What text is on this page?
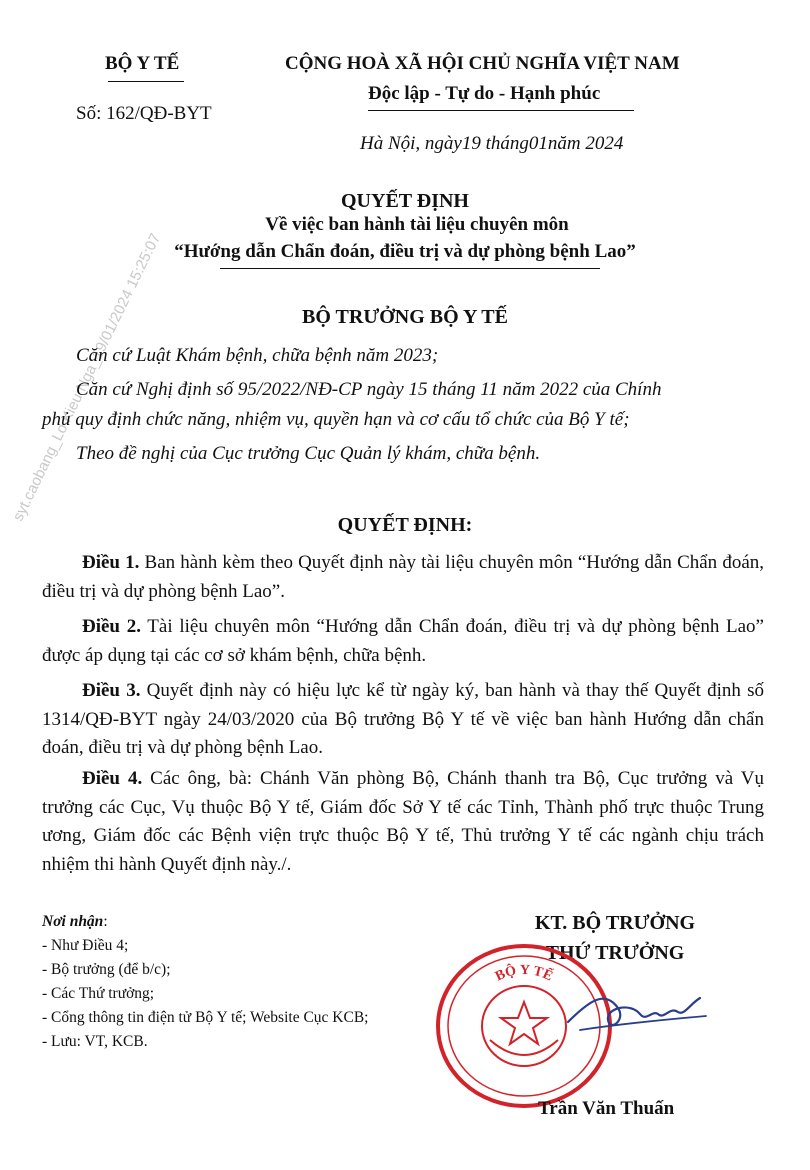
syt.caobang_Lo Kieu Nga_19/01/2024 15:25:07
BỘ Y TẾ
Số: 162/QĐ-BYT
CỘNG HOÀ XÃ HỘI CHỦ NGHĨA VIỆT NAM
Độc lập - Tự do - Hạnh phúc
Hà Nội, ngày19 tháng01năm 2024
QUYẾT ĐỊNH
Về việc ban hành tài liệu chuyên môn
“Hướng dẫn Chẩn đoán, điều trị và dự phòng bệnh Lao”
BỘ TRƯỞNG BỘ Y TẾ
Căn cứ Luật Khám bệnh, chữa bệnh năm 2023;
Căn cứ Nghị định số 95/2022/NĐ-CP ngày 15 tháng 11 năm 2022 của Chính
phủ quy định chức năng, nhiệm vụ, quyền hạn và cơ cấu tổ chức của Bộ Y tế;
Theo đề nghị của Cục trưởng Cục Quản lý khám, chữa bệnh.
QUYẾT ĐỊNH:
Điều 1. Ban hành kèm theo Quyết định này tài liệu chuyên môn “Hướng dẫn Chẩn đoán, điều trị và dự phòng bệnh Lao”.
Điều 2. Tài liệu chuyên môn “Hướng dẫn Chẩn đoán, điều trị và dự phòng bệnh Lao” được áp dụng tại các cơ sở khám bệnh, chữa bệnh.
Điều 3. Quyết định này có hiệu lực kể từ ngày ký, ban hành và thay thế Quyết định số 1314/QĐ-BYT ngày 24/03/2020 của Bộ trưởng Bộ Y tế về việc ban hành Hướng dẫn chẩn đoán, điều trị và dự phòng bệnh Lao.
Điều 4. Các ông, bà: Chánh Văn phòng Bộ, Chánh thanh tra Bộ, Cục trưởng và Vụ trưởng các Cục, Vụ thuộc Bộ Y tế, Giám đốc Sở Y tế các Tỉnh, Thành phố trực thuộc Trung ương, Giám đốc các Bệnh viện trực thuộc Bộ Y tế, Thủ trưởng Y tế các ngành chịu trách nhiệm thi hành Quyết định này./.
Nơi nhận:
- Như Điều 4;
- Bộ trưởng (để b/c);
- Các Thứ trưởng;
- Cổng thông tin điện tử Bộ Y tế; Website Cục KCB;
- Lưu: VT, KCB.
KT. BỘ TRƯỞNG
THỨ TRƯỞNG
BỘ Y TẾ
Trần Văn Thuấn
